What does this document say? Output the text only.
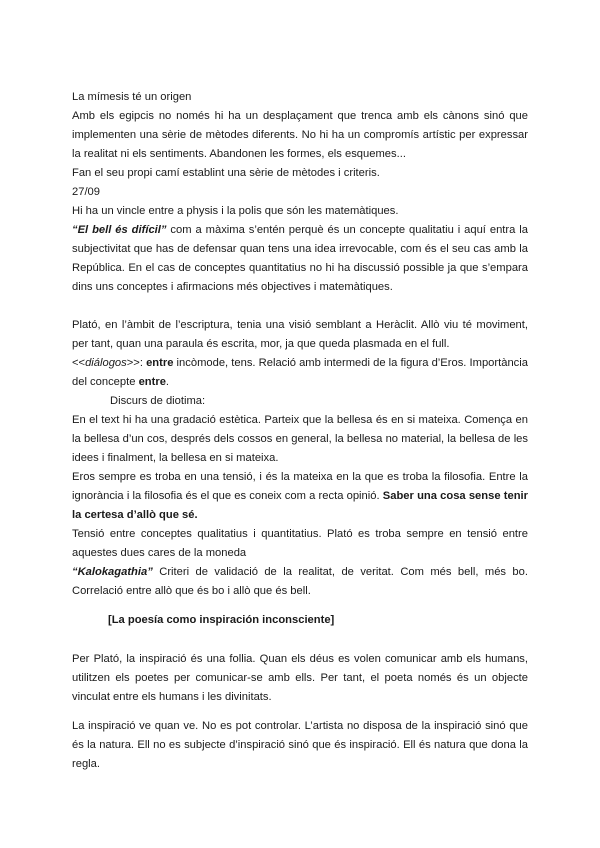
La mímesis té un origen

Amb els egipcis no només hi ha un desplaçament que trenca amb els cànons sinó que implementen una sèrie de mètodes diferents. No hi ha un compromís artístic per expressar la realitat ni els sentiments. Abandonen les formes, els esquemes...

Fan el seu propi camí establint una sèrie de mètodes i criteris.

27/09

Hi ha un vincle entre a physis i la polis que són les matemàtiques.

“El bell és difícil” com a màxima s’entén perquè és un concepte qualitatiu i aquí entra la subjectivitat que has de defensar quan tens una idea irrevocable, com és el seu cas amb la República. En el cas de conceptes quantitatius no hi ha discussió possible ja que s’empara dins uns conceptes i afirmacions més objectives i matemàtiques.

Plató, en l’àmbit de l’escriptura, tenia una visió semblant a Heràclit. Allò viu té moviment, per tant, quan una paraula és escrita, mor, ja que queda plasmada en el full.

<<diálogos>>: entre incòmode, tens. Relació amb intermedi de la figura d’Eros. Importància del concepte entre.

Discurs de diotima:

En el text hi ha una gradació estètica. Parteix que la bellesa és en si mateixa. Comença en la bellesa d’un cos, després dels cossos en general, la bellesa no material, la bellesa de les idees i finalment, la bellesa en si mateixa.

Eros sempre es troba en una tensió, i és la mateixa en la que es troba la filosofia. Entre la ignorància i la filosofia és el que es coneix com a recta opinió. Saber una cosa sense tenir la certesa d’allò que sé.

Tensió entre conceptes qualitatius i quantitatius. Plató es troba sempre en tensió entre aquestes dues cares de la moneda

“Kalokagathia” Criteri de validació de la realitat, de veritat. Com més bell, més bo. Correlació entre allò que és bo i allò que és bell.

[La poesía como inspiración inconsciente]

Per Plató, la inspiració és una follia. Quan els déus es volen comunicar amb els humans, utilitzen els poetes per comunicar-se amb ells. Per tant, el poeta només és un objecte vinculat entre els humans i les divinitats.

La inspiració ve quan ve. No es pot controlar. L’artista no disposa de la inspiració sinó que és la natura. Ell no es subjecte d’inspiració sinó que és inspiració. Ell és natura que dona la regla.
